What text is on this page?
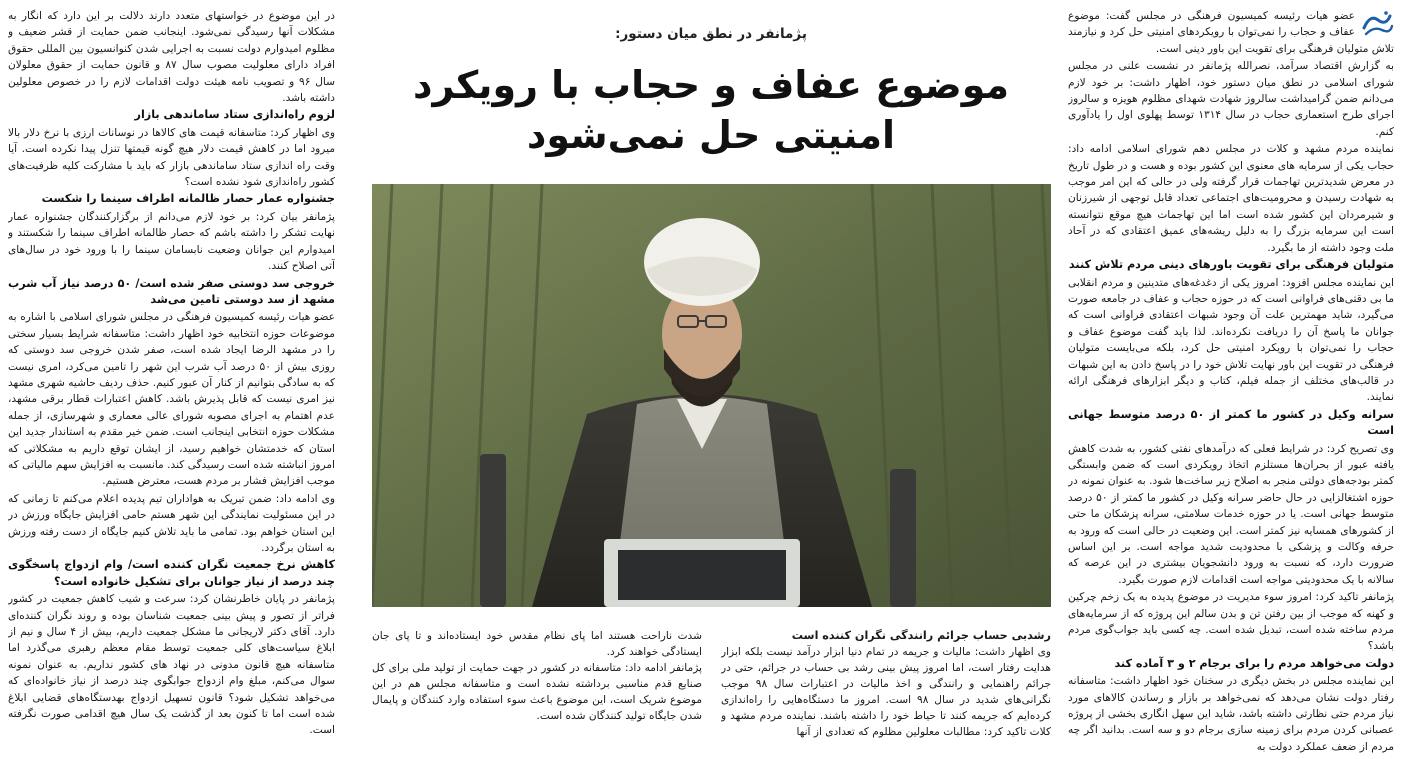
عضو هیات رئیسه کمیسیون فرهنگی در مجلس گفت: موضوع عفاف و حجاب را نمی‌توان با رویکردهای امنیتی حل کرد و نیازمند تلاش متولیان فرهنگی برای تقویت این باور دینی است.

به گزارش اقتصاد سرآمد، نصرالله پژمانفر در نشست علنی در مجلس شورای اسلامی در نطق میان دستور خود، اظهار داشت: بر خود لازم می‌دانم ضمن گرامیداشت سالروز شهادت شهدای مظلوم هویزه و سالروز اجرای طرح استعماری حجاب در سال ۱۳۱۴ توسط پهلوی اول را یادآوری کنم.

نماینده مردم مشهد و کلات در مجلس دهم شورای اسلامی ادامه داد: حجاب یکی از سرمایه های معنوی این کشور بوده و هست و در طول تاریخ در معرض شدیدترین تهاجمات قرار گرفته ولی در حالی که این امر موجب به شهادت رسیدن و محرومیت‌های اجتماعی تعداد قابل توجهی از شیرزنان و شیرمردان این کشور شده است اما این تهاجمات هیچ موقع نتوانسته است این سرمایه بزرگ را به دلیل ریشه‌های عمیق اعتقادی که در آحاد ملت وجود داشته از ما بگیرد.

متولیان فرهنگی برای تقویت باورهای دینی مردم تلاش کنند

این نماینده مجلس افزود: امروز یکی از دغدغه‌های متدینین و مردم انقلابی ما بی دقتی‌های فراوانی است که در حوزه حجاب و عفاف در جامعه صورت می‌گیرد، شاید مهمترین علت آن وجود شبهات اعتقادی فراوانی است که جوانان ما پاسخ آن را دریافت نکرده‌اند. لذا باید گفت موضوع عفاف و حجاب را نمی‌توان با رویکرد امنیتی حل کرد، بلکه می‌بایست متولیان فرهنگی در تقویت این باور نهایت تلاش خود را در پاسخ دادن به این شبهات در قالب‌های مختلف از جمله فیلم، کتاب و دیگر ابزارهای فرهنگی ارائه نمایند.

سرانه وکیل در کشور ما کمتر از ۵۰ درصد متوسط جهانی است

وی تصریح کرد: در شرایط فعلی که درآمدهای نفتی کشور، به شدت کاهش یافته عبور از بحران‌ها مستلزم اتخاذ رویکردی است که ضمن وابستگی کمتر بودجه‌های دولتی منجر به اصلاح زیر ساخت‌ها شود. به عنوان نمونه در حوزه اشتغالزایی در حال حاضر سرانه وکیل در کشور ما کمتر از ۵۰ درصد متوسط جهانی است. یا در حوزه خدمات سلامتی، سرانه پزشکان ما حتی از کشورهای همسایه نیز کمتر است. این وضعیت در حالی است که ورود به حرفه وکالت و پزشکی با محدودیت شدید مواجه است. بر این اساس ضرورت دارد، که نسبت به ورود دانشجویان بیشتری در این عرصه که سالانه با یک محدودیتی مواجه است اقدامات لازم صورت بگیرد.

پژمانفر تاکید کرد: امروز سوء مدیریت در موضوع پدیده به یک زخم چرکین و کهنه که موجب از بین رفتن تن و بدن سالم این پروژه که از سرمایه‌های مردم ساخته شده است، تبدیل شده است. چه کسی باید جواب‌گوی مردم باشد؟

دولت می‌خواهد مردم را برای برجام ۲ و ۳ آماده کند

این نماینده مجلس در بخش دیگری در سخنان خود اظهار داشت: متاسفانه رفتار دولت نشان می‌دهد که نمی‌خواهد بر بازار و رساندن کالاهای مورد نیاز مردم حتی نظارتی داشته باشد، شاید این سهل انگاری بخشی از پروژه عصبانی کردن مردم برای زمینه سازی برجام دو و سه است. بدانید اگر چه مردم از ضعف عملکرد دولت به

پژمانفر در نطق میان دستور:
موضوع عفاف و حجاب با رویکرد امنیتی حل نمی‌شود
رشدبی حساب جرائم رانندگی نگران کننده است

وی اظهار داشت: مالیات و جریمه در تمام دنیا ابزار درآمد نیست بلکه ابزار هدایت رفتار است، اما امروز پیش بینی رشد بی حساب در جرائم، حتی در جرائم راهنمایی و رانندگی و اخذ مالیات در اعتبارات سال ۹۸ موجب نگرانی‌های شدید در سال ۹۸ است. امروز ما دستگاه‌هایی را راه‌اندازی کرده‌ایم که جریمه کنند تا حیاط خود را داشته باشند. نماینده مردم مشهد و کلات تاکید کرد: مطالبات معلولین مظلوم که تعدادی از آنها

شدت ناراحت هستند اما پای نظام مقدس خود ایستاده‌اند و تا پای جان ایستادگی خواهند کرد.

پژمانفر ادامه داد: متاسفانه در کشور در جهت حمایت از تولید ملی برای کل صنایع قدم مناسبی برداشته نشده است و متاسفانه مجلس هم در این موضوع شریک است، این موضوع باعث سوء استفاده وارد کنندگان و پایمال شدن جایگاه تولید کنندگان شده است.

در این موضوع در خواستهای متعدد دارند دلالت بر این دارد که انگار به مشکلات آنها رسیدگی نمی‌شود. اینجانب ضمن حمایت از قشر ضعیف و مظلوم امیدوارم دولت نسبت به اجرایی شدن کنوانسیون بین المللی حقوق افراد دارای معلولیت مصوب سال ۸۷ و قانون حمایت از حقوق معلولان سال ۹۶ و تصویب نامه هیئت دولت اقدامات لازم را در خصوص معلولین داشته باشد.

لزوم راه‌اندازی ستاد ساماندهی بازار

وی اظهار کرد: متاسفانه قیمت های کالاها در نوسانات ارزی با نرخ دلار بالا میرود اما در کاهش قیمت دلار هیچ گونه قیمتها تنزل پیدا نکرده است. آیا وقت راه اندازی ستاد ساماندهی بازار که باید با مشارکت کلیه ظرفیت‌های کشور راه‌اندازی شود نشده است؟

جشنواره عمار حصار ظالمانه اطراف سینما را شکست

پژمانفر بیان کرد: بر خود لازم می‌دانم از برگزارکنندگان جشنواره عمار نهایت تشکر را داشته باشم که حصار ظالمانه اطراف سینما را شکستند و امیدوارم این جوانان وضعیت نابسامان سینما را با ورود خود در سال‌های آتی اصلاح کنند.

خروجی سد دوستی صفر شده است/ ۵۰ درصد نیاز آب شرب مشهد از سد دوستی تامین می‌شد

عضو هیات رئیسه کمیسیون فرهنگی در مجلس شورای اسلامی با اشاره به موضوعات حوزه انتخابیه خود اظهار داشت: متاسفانه شرایط بسیار سختی را در مشهد الرضا ایجاد شده است، صفر شدن خروجی سد دوستی که روزی بیش از ۵۰ درصد آب شرب این شهر را تامین می‌کرد، امری نیست که به سادگی بتوانیم از کنار آن عبور کنیم. حذف ردیف حاشیه شهری مشهد نیز امری نیست که قابل پذیرش باشد. کاهش اعتبارات قطار برقی مشهد، عدم اهتمام به اجرای مصوبه شورای عالی معماری و شهرسازی، از جمله مشکلات حوزه انتخابی اینجانب است. ضمن خیر مقدم به استاندار جدید این استان که خدمتشان خواهیم رسید، از ایشان توقع داریم به مشکلاتی که امروز انباشته شده است رسیدگی کند. مانسبت به افزایش سهم مالیاتی که موجب افزایش فشار بر مردم هست، معترض هستیم.

وی ادامه داد: ضمن تبریک به هواداران تیم پدیده اعلام می‌کنم تا زمانی که در این مسئولیت نمایندگی این شهر هستم حامی افزایش جایگاه ورزش در این استان خواهم بود. تمامی ما باید تلاش کنیم جایگاه از دست رفته ورزش به استان برگردد.

کاهش نرخ جمعیت نگران کننده است/ وام ازدواج پاسخگوی چند درصد از نیاز جوانان برای تشکیل خانواده است؟

پژمانفر در پایان خاطرنشان کرد: سرعت و شیب کاهش جمعیت در کشور فراتر از تصور و پیش بینی جمعیت شناسان بوده و روند نگران کننده‌ای دارد. آقای دکتر لاریجانی ما مشکل جمعیت داریم، بیش از ۴ سال و نیم از ابلاغ سیاست‌های کلی جمعیت توسط مقام معظم رهبری می‌گذرد اما متاسفانه هیچ قانون مدونی در نهاد های کشور نداریم. به عنوان نمونه سوال می‌کنم، مبلغ وام ازدواج جوابگوی چند درصد از نیاز خانواده‌ای که می‌خواهد تشکیل شود؟ قانون تسهیل ازدواج بهدستگاه‌های قضایی ابلاغ شده است اما تا کنون بعد از گذشت یک سال هیچ اقدامی صورت نگرفته است.
